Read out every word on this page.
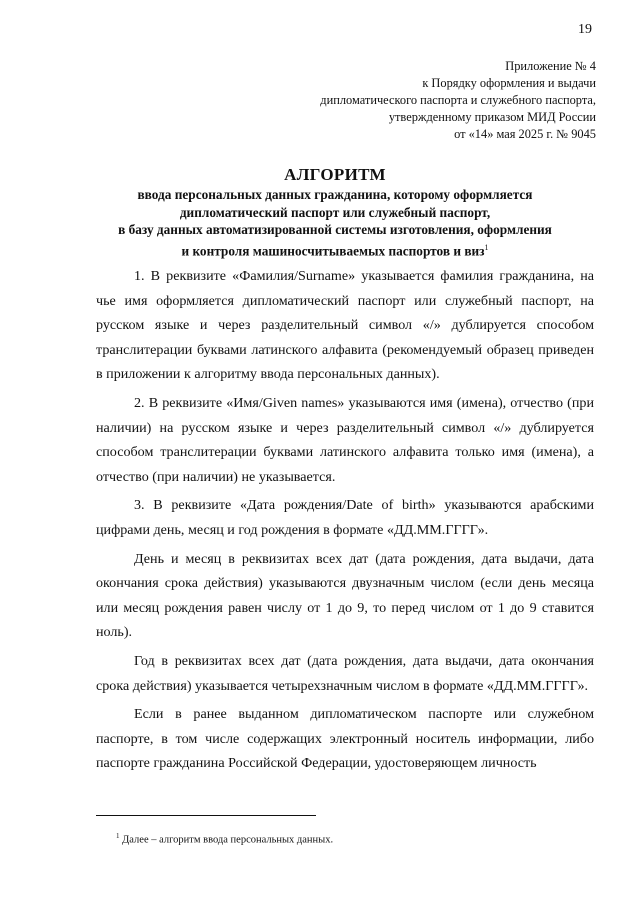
19
Приложение № 4
к Порядку оформления и выдачи
дипломатического паспорта и служебного паспорта,
утвержденному приказом МИД России
от «14» мая 2025 г. № 9045
АЛГОРИТМ
ввода персональных данных гражданина, которому оформляется
дипломатический паспорт или служебный паспорт,
в базу данных автоматизированной системы изготовления, оформления
и контроля машиносчитываемых паспортов и виз$^1$

1. В реквизите «Фамилия/Surname» указывается фамилия гражданина, на чье имя оформляется дипломатический паспорт или служебный паспорт, на русском языке и через разделительный символ «/» дублируется способом транслитерации буквами латинского алфавита (рекомендуемый образец приведен в приложении к алгоритму ввода персональных данных).

2. В реквизите «Имя/Given names» указываются имя (имена), отчество (при наличии) на русском языке и через разделительный символ «/» дублируется способом транслитерации буквами латинского алфавита только имя (имена), а отчество (при наличии) не указывается.

3. В реквизите «Дата рождения/Date of birth» указываются арабскими цифрами день, месяц и год рождения в формате «ДД.ММ.ГГГГ».

День и месяц в реквизитах всех дат (дата рождения, дата выдачи, дата окончания срока действия) указываются двузначным числом (если день месяца или месяц рождения равен числу от 1 до 9, то перед числом от 1 до 9 ставится ноль).

Год в реквизитах всех дат (дата рождения, дата выдачи, дата окончания срока действия) указывается четырехзначным числом в формате «ДД.ММ.ГГГГ».

Если в ранее выданном дипломатическом паспорте или служебном паспорте, в том числе содержащих электронный носитель информации, либо паспорте гражданина Российской Федерации, удостоверяющем личность

$^1$ Далее – алгоритм ввода персональных данных.
